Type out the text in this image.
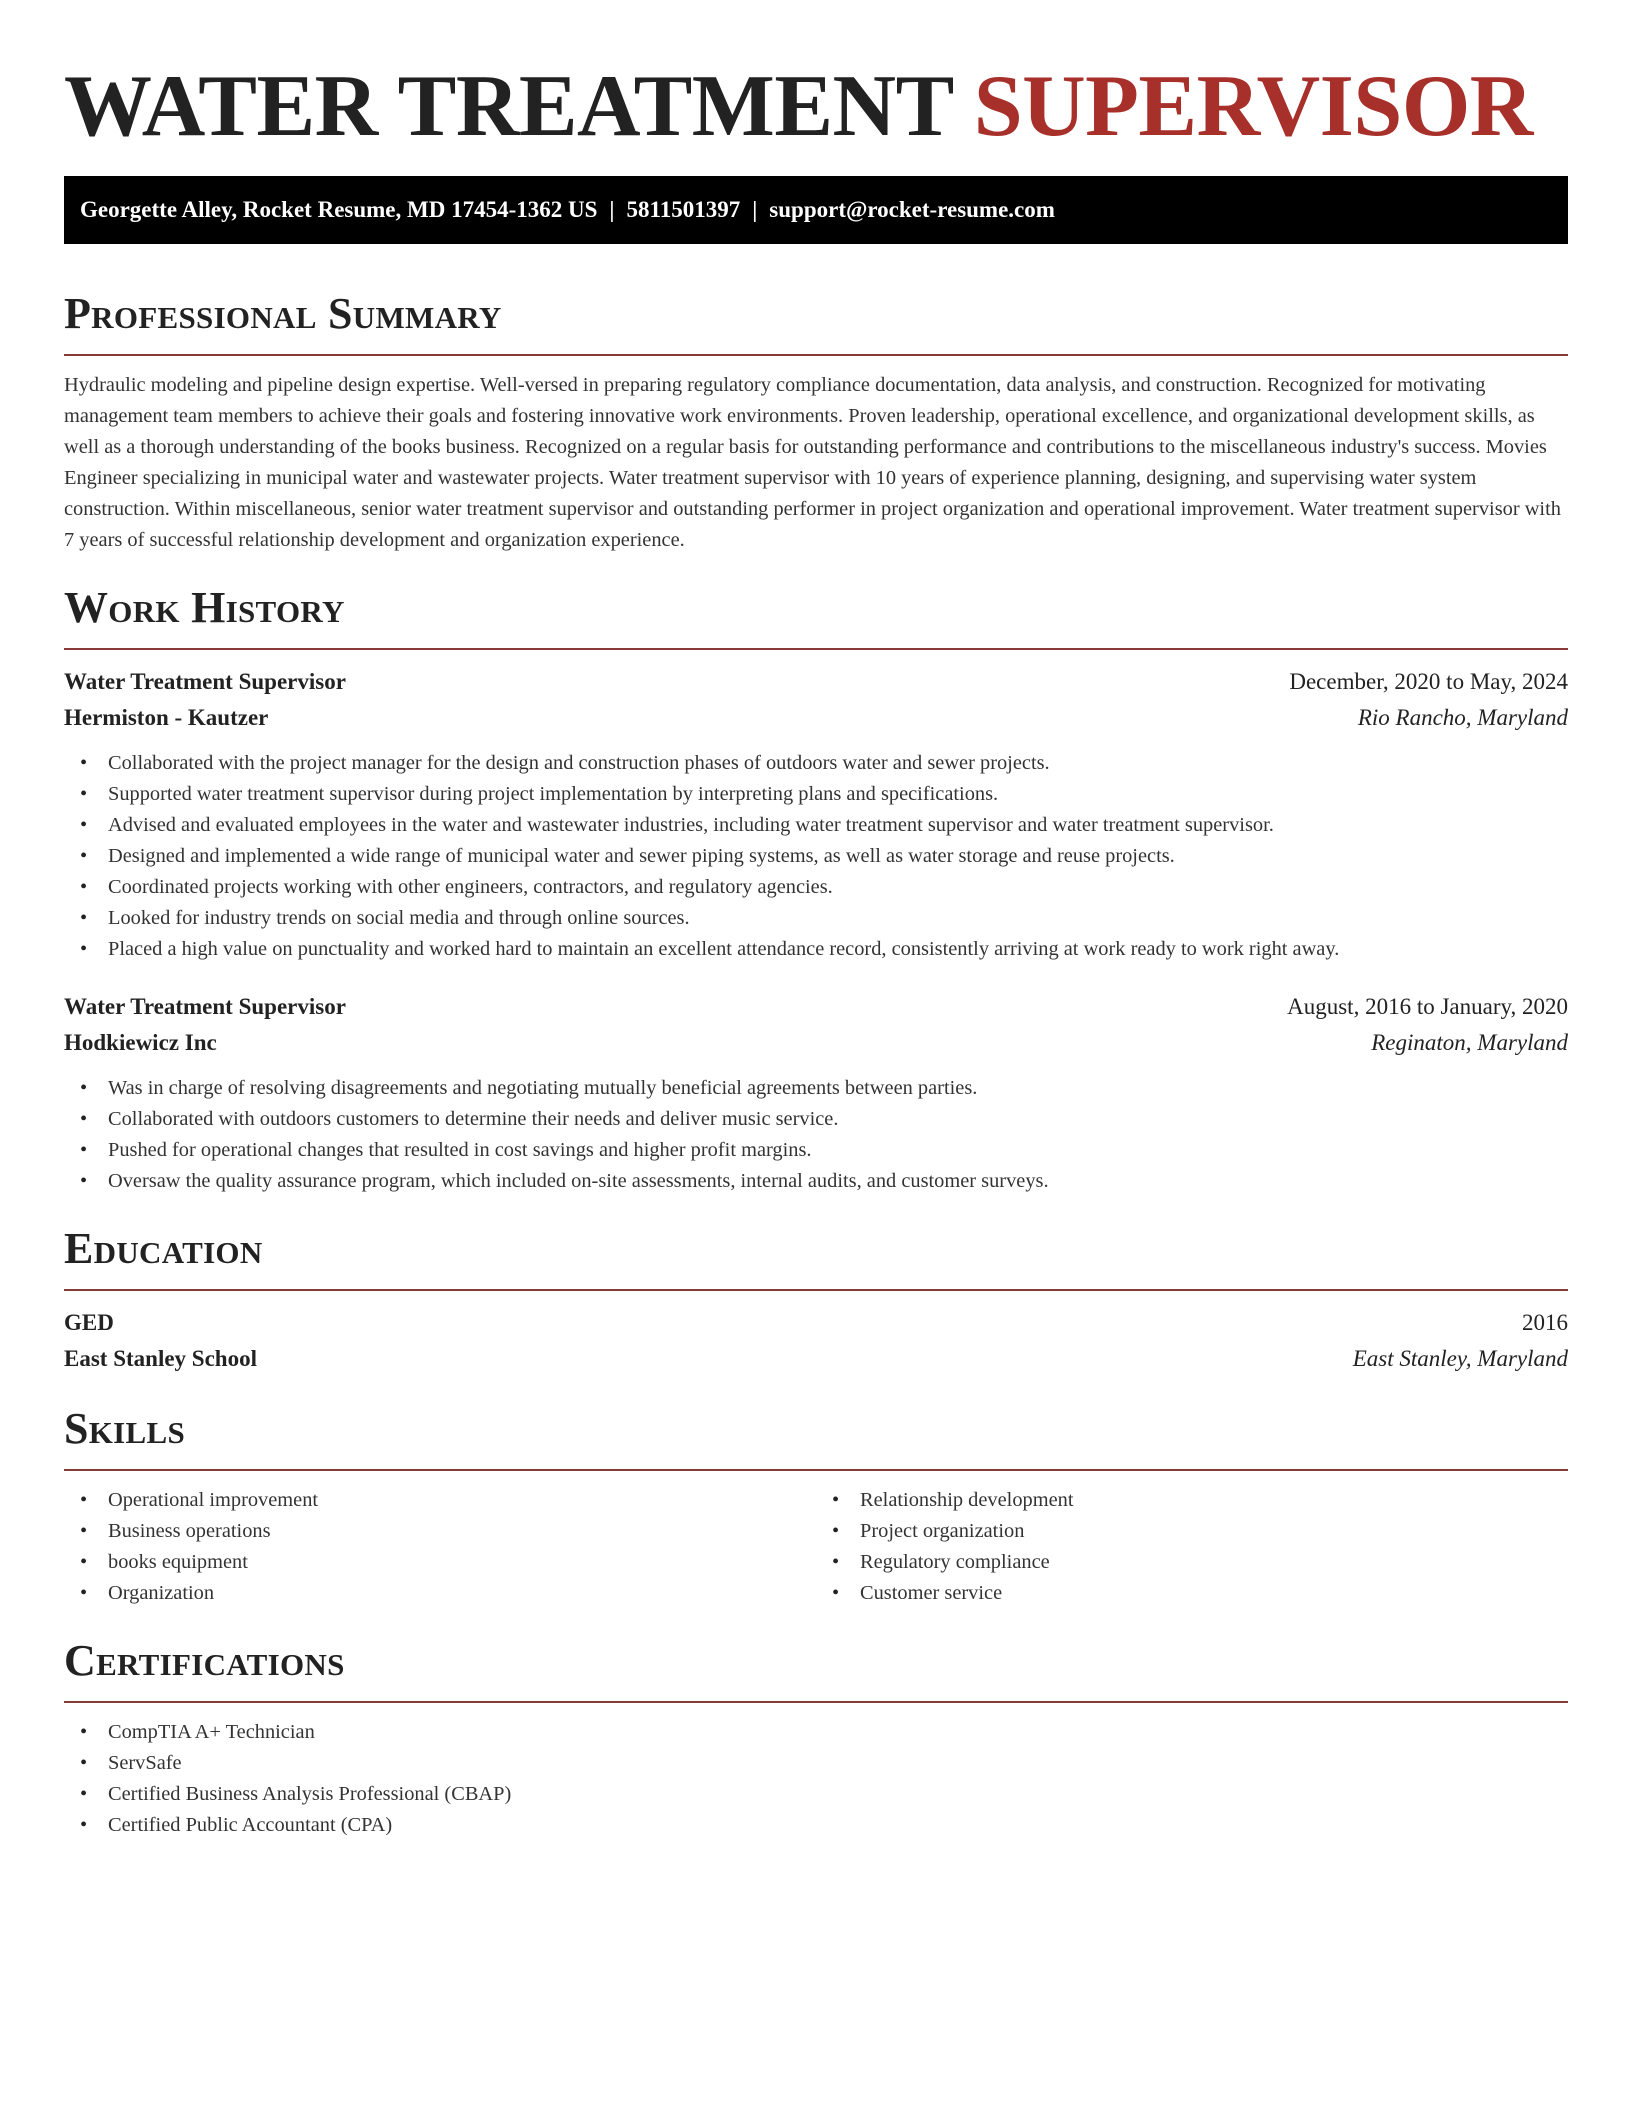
WATER TREATMENT SUPERVISOR
Georgette Alley, Rocket Resume, MD 17454-1362 US | 5811501397 | support@rocket-resume.com
Professional Summary

Hydraulic modeling and pipeline design expertise. Well-versed in preparing regulatory compliance documentation, data analysis, and construction. Recognized for motivating management team members to achieve their goals and fostering innovative work environments. Proven leadership, operational excellence, and organizational development skills, as well as a thorough understanding of the books business. Recognized on a regular basis for outstanding performance and contributions to the miscellaneous industry's success. Movies Engineer specializing in municipal water and wastewater projects. Water treatment supervisor with 10 years of experience planning, designing, and supervising water system construction. Within miscellaneous, senior water treatment supervisor and outstanding performer in project organization and operational improvement. Water treatment supervisor with 7 years of successful relationship development and organization experience.

Work History
Water Treatment Supervisor	December, 2020 to May, 2024
Hermiston - Kautzer	Rio Rancho, Maryland
• Collaborated with the project manager for the design and construction phases of outdoors water and sewer projects.
• Supported water treatment supervisor during project implementation by interpreting plans and specifications.
• Advised and evaluated employees in the water and wastewater industries, including water treatment supervisor and water treatment supervisor.
• Designed and implemented a wide range of municipal water and sewer piping systems, as well as water storage and reuse projects.
• Coordinated projects working with other engineers, contractors, and regulatory agencies.
• Looked for industry trends on social media and through online sources.
• Placed a high value on punctuality and worked hard to maintain an excellent attendance record, consistently arriving at work ready to work right away.
Water Treatment Supervisor	August, 2016 to January, 2020
Hodkiewicz Inc	Reginaton, Maryland
• Was in charge of resolving disagreements and negotiating mutually beneficial agreements between parties.
• Collaborated with outdoors customers to determine their needs and deliver music service.
• Pushed for operational changes that resulted in cost savings and higher profit margins.
• Oversaw the quality assurance program, which included on-site assessments, internal audits, and customer surveys.
Education
GED	2016
East Stanley School	East Stanley, Maryland
Skills
• Operational improvement
• Business operations
• books equipment
• Organization
• Relationship development
• Project organization
• Regulatory compliance
• Customer service
Certifications
• CompTIA A+ Technician
• ServSafe
• Certified Business Analysis Professional (CBAP)
• Certified Public Accountant (CPA)
